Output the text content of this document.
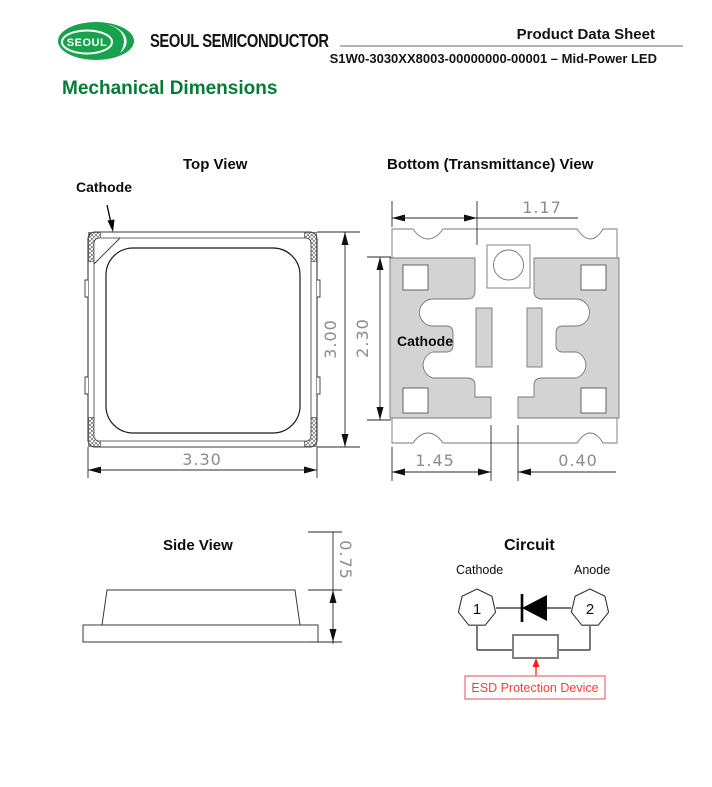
SEOUL SEOUL SEMICONDUCTOR	Product Data Sheet
S1W0-3030XX8003-00000000-00001 – Mid-Power LED
Mechanical Dimensions
Top View	Bottom (Transmittance) View
Cathode
Side View	Circuit
3.00
3.30
Cathode
1.17
2.30
1.45	0.40
0.75	Cathode	Anode
1	2
ESD Protection Device
